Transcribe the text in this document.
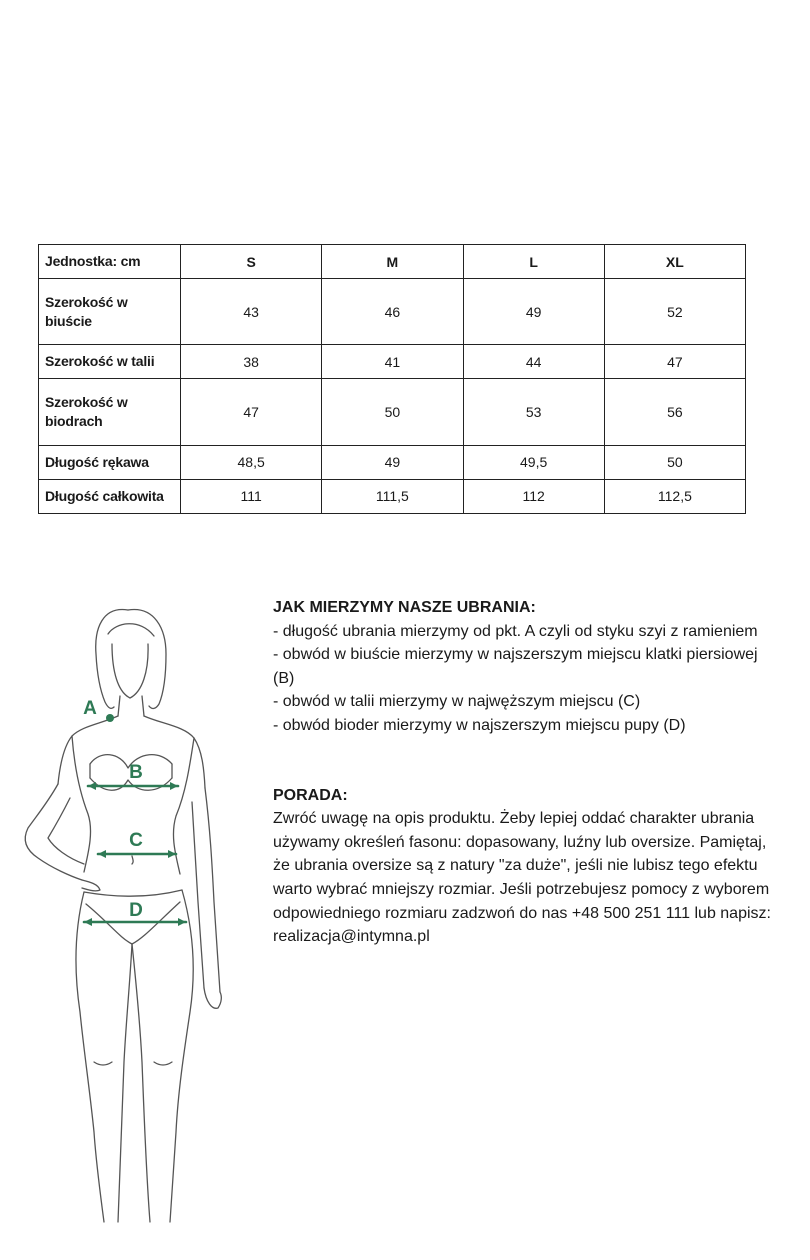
Jednostka: cm	S	M	L	XL
Szerokość w biuście	43	46	49	52
Szerokość w talii	38	41	44	47
Szerokość w biodrach	47	50	53	56
Długość rękawa	48,5	49	49,5	50
Długość całkowita	111	111,5	112	112,5
A
B
C
D

JAK MIERZYMY NASZE UBRANIA:

- długość ubrania mierzymy od pkt. A czyli od styku szyi z ramieniem

- obwód w biuście mierzymy w najszerszym miejscu klatki piersiowej (B)

- obwód w talii mierzymy w najwęższym miejscu (C)

- obwód bioder mierzymy w najszerszym miejscu pupy (D)

PORADA:

Zwróć uwagę na opis produktu. Żeby lepiej oddać charakter ubrania używamy określeń fasonu: dopasowany, luźny lub oversize. Pamiętaj, że ubrania oversize są z natury "za duże", jeśli nie lubisz tego efektu warto wybrać mniejszy rozmiar. Jeśli potrzebujesz pomocy z wyborem odpowiedniego rozmiaru zadzwoń do nas +48 500 251 111 lub napisz: realizacja@intymna.pl
